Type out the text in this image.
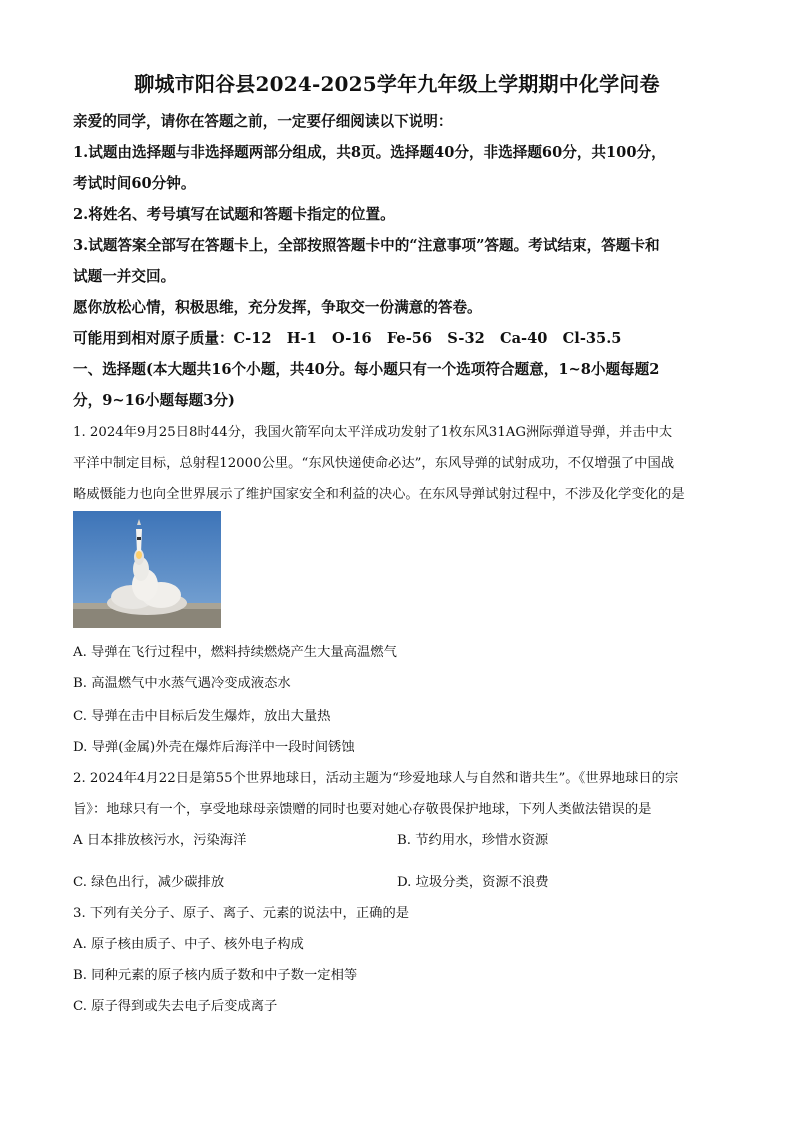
聊城市阳谷县2024-2025学年九年级上学期期中化学问卷
亲爱的同学，请你在答题之前，一定要仔细阅读以下说明：
1.试题由选择题与非选择题两部分组成，共8页。选择题40分，非选择题60分，共100分，
考试时间60分钟。
2.将姓名、考号填写在试题和答题卡指定的位置。
3.试题答案全部写在答题卡上，全部按照答题卡中的“注意事项”答题。考试结束，答题卡和
试题一并交回。
愿你放松心情，积极思维，充分发挥，争取交一份满意的答卷。
可能用到相对原子质量：C-12   H-1   O-16   Fe-56   S-32   Ca-40   Cl-35.5
一、选择题(本大题共16个小题，共40分。每小题只有一个选项符合题意，1~8小题每题2
分，9~16小题每题3分)
1. 2024年9月25日8时44分，我国火箭军向太平洋成功发射了1枚东风31AG洲际弹道导弹，并击中太
平洋中制定目标，总射程12000公里。“东风快递使命必达”，东风导弹的试射成功，不仅增强了中国战
略威慑能力也向全世界展示了维护国家安全和利益的决心。在东风导弹试射过程中，不涉及化学变化的是
A. 导弹在飞行过程中，燃料持续燃烧产生大量高温燃气
B. 高温燃气中水蒸气遇冷变成液态水
C. 导弹在击中目标后发生爆炸，放出大量热
D. 导弹(金属)外壳在爆炸后海洋中一段时间锈蚀
2. 2024年4月22日是第55个世界地球日，活动主题为“珍爱地球人与自然和谐共生”。《世界地球日的宗
旨》：地球只有一个，享受地球母亲馈赠的同时也要对她心存敬畏保护地球，下列人类做法错误的是
A 日本排放核污水，污染海洋	B. 节约用水，珍惜水资源
C. 绿色出行，减少碳排放	D. 垃圾分类，资源不浪费
3. 下列有关分子、原子、离子、元素的说法中，正确的是
A. 原子核由质子、中子、核外电子构成
B. 同种元素的原子核内质子数和中子数一定相等
C. 原子得到或失去电子后变成离子
